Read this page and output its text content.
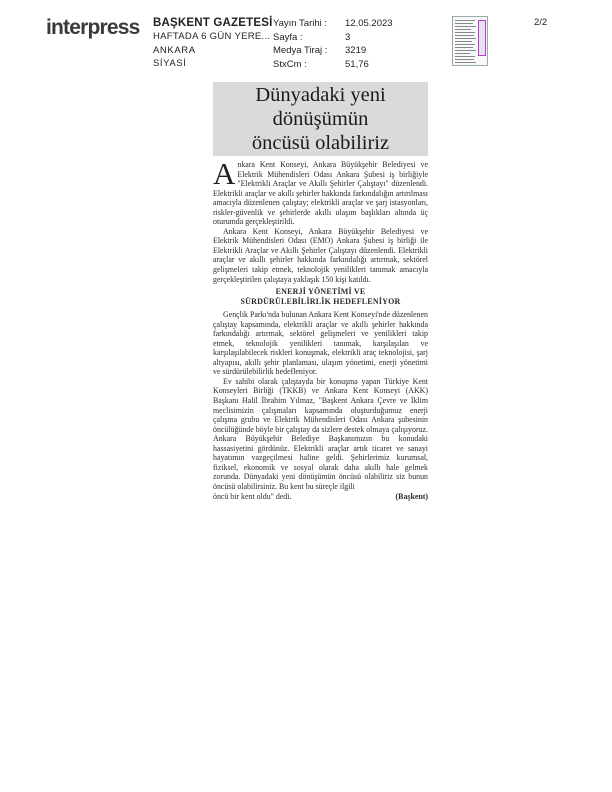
interpress	BAŞKENT GAZETESİ
HAFTADA 6 GÜN YERE...
ANKARA
SİYASİ
Yayın Tarihi :	12.05.2023
Sayfa :	3
Medya Tiraj :	3219
StxCm :	51,76
2/2
Dünyadaki yeni
dönüşümün
öncüsü olabiliriz

Ankara Kent Konseyi, Ankara Büyükşehir Belediyesi ve Elektrik Mühendisleri Odası Ankara Şubesi iş birliğiyle "Elektrikli Araçlar ve Akıllı Şehirler Çalıştayı" düzenlendi. Elektrikli araçlar ve akıllı şehirler hakkında farkındalığın artırılması amacıyla düzenlenen çalıştay; elektrikli araçlar ve şarj istasyonları, riskler-güvenlik ve şehirlerde akıllı ulaşım başlıkları altında üç oturumda gerçekleştirildi.

Ankara Kent Konseyi, Ankara Büyükşehir Belediyesi ve Elektrik Mühendisleri Odası (EMO) Ankara Şubesi iş birliği ile Elektrikli Araçlar ve Akıllı Şehirler Çalıştayı düzenlendi. Elektrikli araçlar ve akıllı şehirler hakkında farkındalığı artırmak, sektörel gelişmeleri takip etmek, teknolojik yenilikleri tanımak amacıyla gerçekleştirilen çalıştaya yaklaşık 150 kişi katıldı.

ENERJİ YÖNETİMİ VE
SÜRDÜRÜLEBİLİRLİK HEDEFLENİYOR

Gençlik Parkı'nda bulunan Ankara Kent Konseyi'nde düzenlenen çalıştay kapsamında, elektrikli araçlar ve akıllı şehirler hakkında farkındalığı artırmak, sektörel gelişmeleri ve yenilikleri takip etmek, teknolojik yenilikleri tanımak, karşılaşılan ve karşılaşılabilecek riskleri konuşmak, elektrikli araç teknolojisi, şarj altyapısı, akıllı şehir planlaması, ulaşım yönetimi, enerji yönetimi ve sürdürülebilirlik hedefleniyor.

Ev sahibi olarak çalıştayda bir konuşma yapan Türkiye Kent Konseyleri Birliği (TKKB) ve Ankara Kent Konseyi (AKK) Başkanı Halil İbrahim Yılmaz, "Başkent Ankara Çevre ve İklim meclisimizin çalışmaları kapsamında oluşturduğumuz enerji çalışma grubu ve Elektrik Mühendisleri Odası Ankara şubesinin öncülüğünde böyle bir çalıştay da sizlere destek olmaya çalışıyoruz. Ankara Büyükşehir Belediye Başkanımızın bu konudaki hassasiyetini gördünüz. Elektrikli araçlar artık ticaret ve sanayi hayatımın vazgeçilmesi haline geldi. Şehirlerimiz kurumsal, fiziksel, ekonomik ve sosyal olarak daha akıllı hale gelmek zorunda. Dünyadaki yeni dönüşümün öncüsü olabiliriz siz bunun öncüsü olabilirsiniz. Bu kent bu süreçle ilgili

öncü bir kent oldu" dedi.	(Başkent)
